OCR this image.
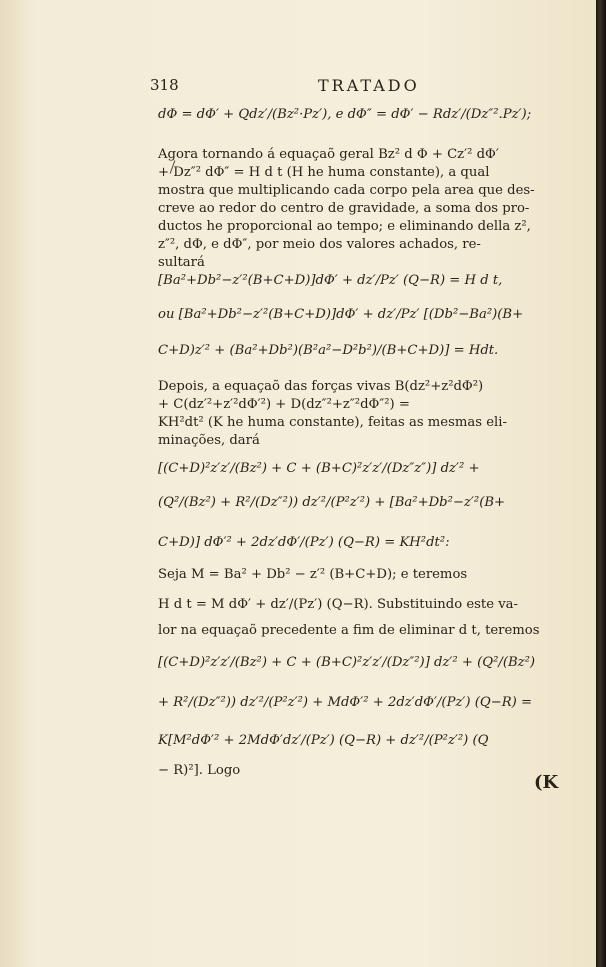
318	TRATADO
dΦ = dΦ′ + Qdz′/(Bz²·Pz′), e dΦ″ = dΦ′ − Rdz′/(Dz″².Pz′);
Agora tornando á equaçaõ geral Bz² d Φ + Cz′² dΦ′
+ Dz″² dΦ″ = H d t (H he huma constante), a qual
mostra que multiplicando cada corpo pela area que des-
creve ao redor do centro de gravidade, a soma dos pro-
ductos he proporcional ao tempo; e eliminando della z²,
z″², dΦ, e dΦ″, por meio dos valores achados, re-
sultará
[Ba²+Db²−z′²(B+C+D)]dΦ′ + dz′/Pz′ (Q−R) = H d t,
ou [Ba²+Db²−z′²(B+C+D)]dΦ′ + dz′/Pz′ [(Db²−Ba²)(B+
C+D)z′² + (Ba²+Db²)(B²a²−D²b²)/(B+C+D)] = Hdt.
Depois, a equaçaõ das forças vivas B(dz²+z²dΦ²)
+ C(dz′²+z′²dΦ′²) + D(dz″²+z″²dΦ″²) =
KH²dt² (K he huma constante), feitas as mesmas eli-
minações, dará
[(C+D)²z′z′/(Bz²) + C + (B+C)²z′z′/(Dz″z″)] dz′² +
(Q²/(Bz²) + R²/(Dz″²)) dz′²/(P²z′²) + [Ba²+Db²−z′²(B+
C+D)] dΦ′² + 2dz′dΦ′/(Pz′) (Q−R) = KH²dt²:
Seja M = Ba² + Db² − z′² (B+C+D); e teremos
H d t = M dΦ′ + dz′/(Pz′) (Q−R). Substituindo este va-
lor na equaçaõ precedente a fim de eliminar d t, teremos
[(C+D)²z′z′/(Bz²) + C + (B+C)²z′z′/(Dz″²)] dz′² + (Q²/(Bz²)
+ R²/(Dz″²)) dz′²/(P²z′²) + MdΦ′² + 2dz′dΦ′/(Pz′) (Q−R) =
K[M²dΦ′² + 2MdΦ′dz′/(Pz′) (Q−R) + dz′²/(P²z′²) (Q
− R)²]. Logo
(K
